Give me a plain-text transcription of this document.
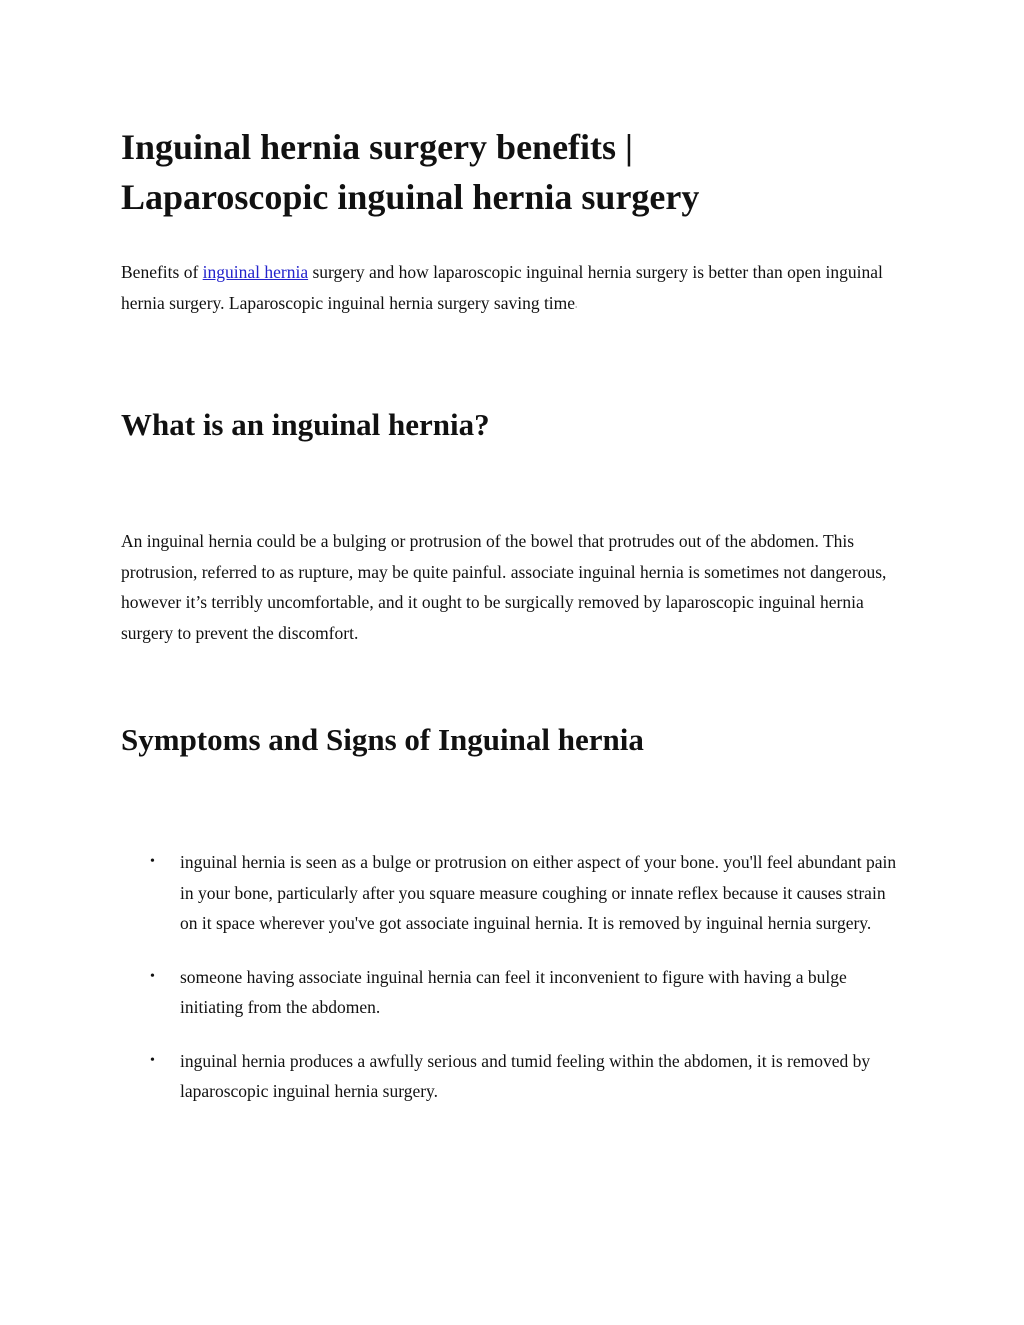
Inguinal hernia surgery benefits |
Laparoscopic inguinal hernia surgery

Benefits of inguinal hernia surgery and how laparoscopic inguinal hernia surgery is better than open inguinal hernia surgery. Laparoscopic inguinal hernia surgery saving time.

What is an inguinal hernia?

An inguinal hernia could be a bulging or protrusion of the bowel that protrudes out of the abdomen. This protrusion, referred to as rupture, may be quite painful. associate inguinal hernia is sometimes not dangerous, however it’s terribly uncomfortable, and it ought to be surgically removed by laparoscopic inguinal hernia surgery to prevent the discomfort.

Symptoms and Signs of Inguinal hernia
• inguinal hernia is seen as a bulge or protrusion on either aspect of your bone. you'll feel abundant pain in your bone, particularly after you square measure coughing or innate reflex because it causes strain on it space wherever you've got associate inguinal hernia. It is removed by inguinal hernia surgery.
• someone having associate inguinal hernia can feel it inconvenient to figure with having a bulge initiating from the abdomen.
• inguinal hernia produces a awfully serious and tumid feeling within the abdomen, it is removed by laparoscopic inguinal hernia surgery.
